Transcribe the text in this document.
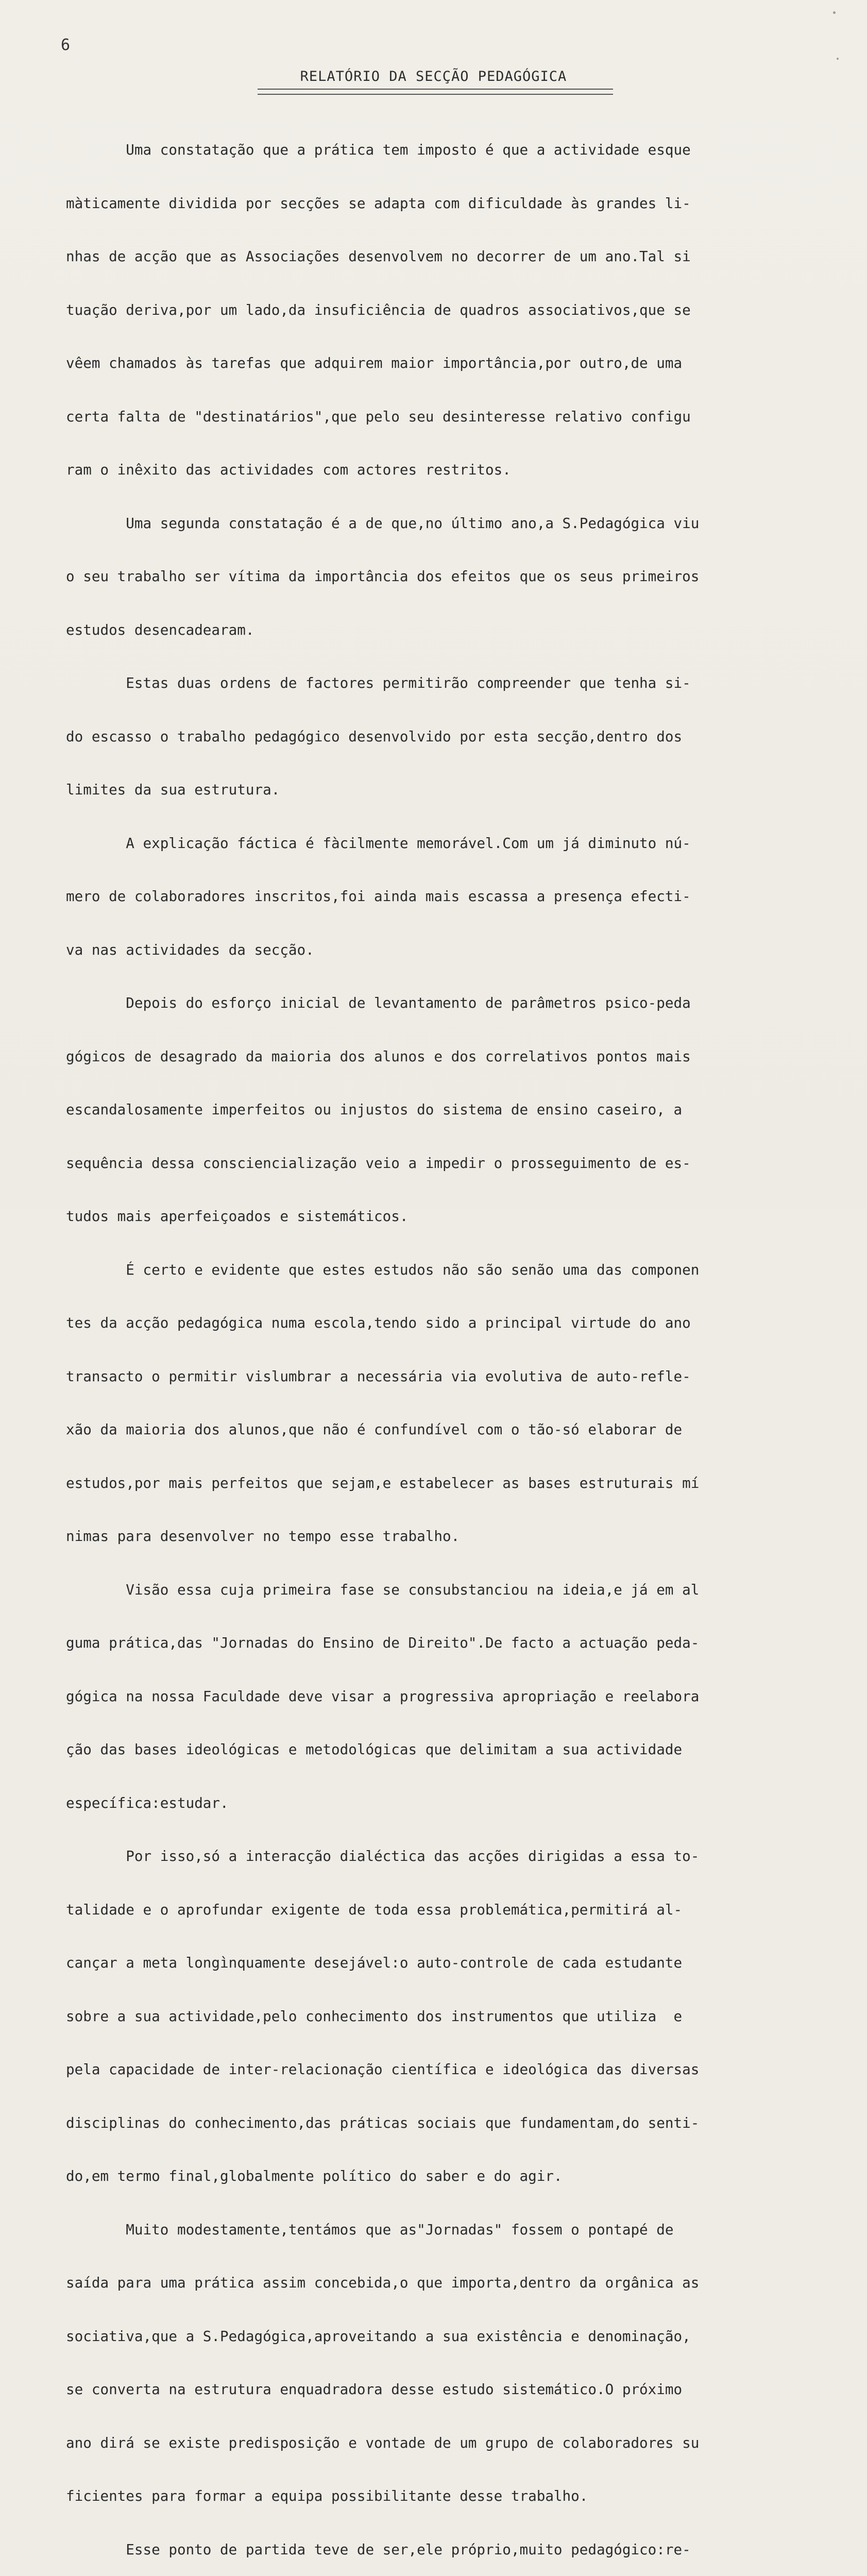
6
RELATÓRIO DA SECÇÃO PEDAGÓGICA

Uma constatação que a prática tem imposto é que a actividade esque

màticamente dividida por secções se adapta com dificuldade às grandes li-

nhas de acção que as Associações desenvolvem no decorrer de um ano.Tal si

tuação deriva,por um lado,da insuficiência de quadros associativos,que se

vêem chamados às tarefas que adquirem maior importância,por outro,de uma

certa falta de "destinatários",que pelo seu desinteresse relativo configu

ram o inêxito das actividades com actores restritos.

Uma segunda constatação é a de que,no último ano,a S.Pedagógica viu

o seu trabalho ser vítima da importância dos efeitos que os seus primeiros

estudos desencadearam.

Estas duas ordens de factores permitirão compreender que tenha si-

do escasso o trabalho pedagógico desenvolvido por esta secção,dentro dos

limites da sua estrutura.

A explicação fáctica é fàcilmente memorável.Com um já diminuto nú-

mero de colaboradores inscritos,foi ainda mais escassa a presença efecti-

va nas actividades da secção.

Depois do esforço inicial de levantamento de parâmetros psico-peda

gógicos de desagrado da maioria dos alunos e dos correlativos pontos mais

escandalosamente imperfeitos ou injustos do sistema de ensino caseiro, a

sequência dessa consciencialização veio a impedir o prosseguimento de es-

tudos mais aperfeiçoados e sistemáticos.

É certo e evidente que estes estudos não são senão uma das componen

tes da acção pedagógica numa escola,tendo sido a principal virtude do ano

transacto o permitir vislumbrar a necessária via evolutiva de auto-refle-

xão da maioria dos alunos,que não é confundível com o tão-só elaborar de

estudos,por mais perfeitos que sejam,e estabelecer as bases estruturais mí

nimas para desenvolver no tempo esse trabalho.

Visão essa cuja primeira fase se consubstanciou na ideia,e já em al

guma prática,das "Jornadas do Ensino de Direito".De facto a actuação peda-

gógica na nossa Faculdade deve visar a progressiva apropriação e reelabora

ção das bases ideológicas e metodológicas que delimitam a sua actividade

específica:estudar.

Por isso,só a interacção dialéctica das acções dirigidas a essa to-

talidade e o aprofundar exigente de toda essa problemática,permitirá al-

cançar a meta longìnquamente desejável:o auto-controle de cada estudante

sobre a sua actividade,pelo conhecimento dos instrumentos que utiliza  e

pela capacidade de inter-relacionação científica e ideológica das diversas

disciplinas do conhecimento,das práticas sociais que fundamentam,do senti-

do,em termo final,globalmente político do saber e do agir.

Muito modestamente,tentámos que as"Jornadas" fossem o pontapé de

saída para uma prática assim concebida,o que importa,dentro da orgânica as

sociativa,que a S.Pedagógica,aproveitando a sua existência e denominação,

se converta na estrutura enquadradora desse estudo sistemático.O próximo

ano dirá se existe predisposição e vontade de um grupo de colaboradores su

ficientes para formar a equipa possibilitante desse trabalho.

Esse ponto de partida teve de ser,ele próprio,muito pedagógico:re-
